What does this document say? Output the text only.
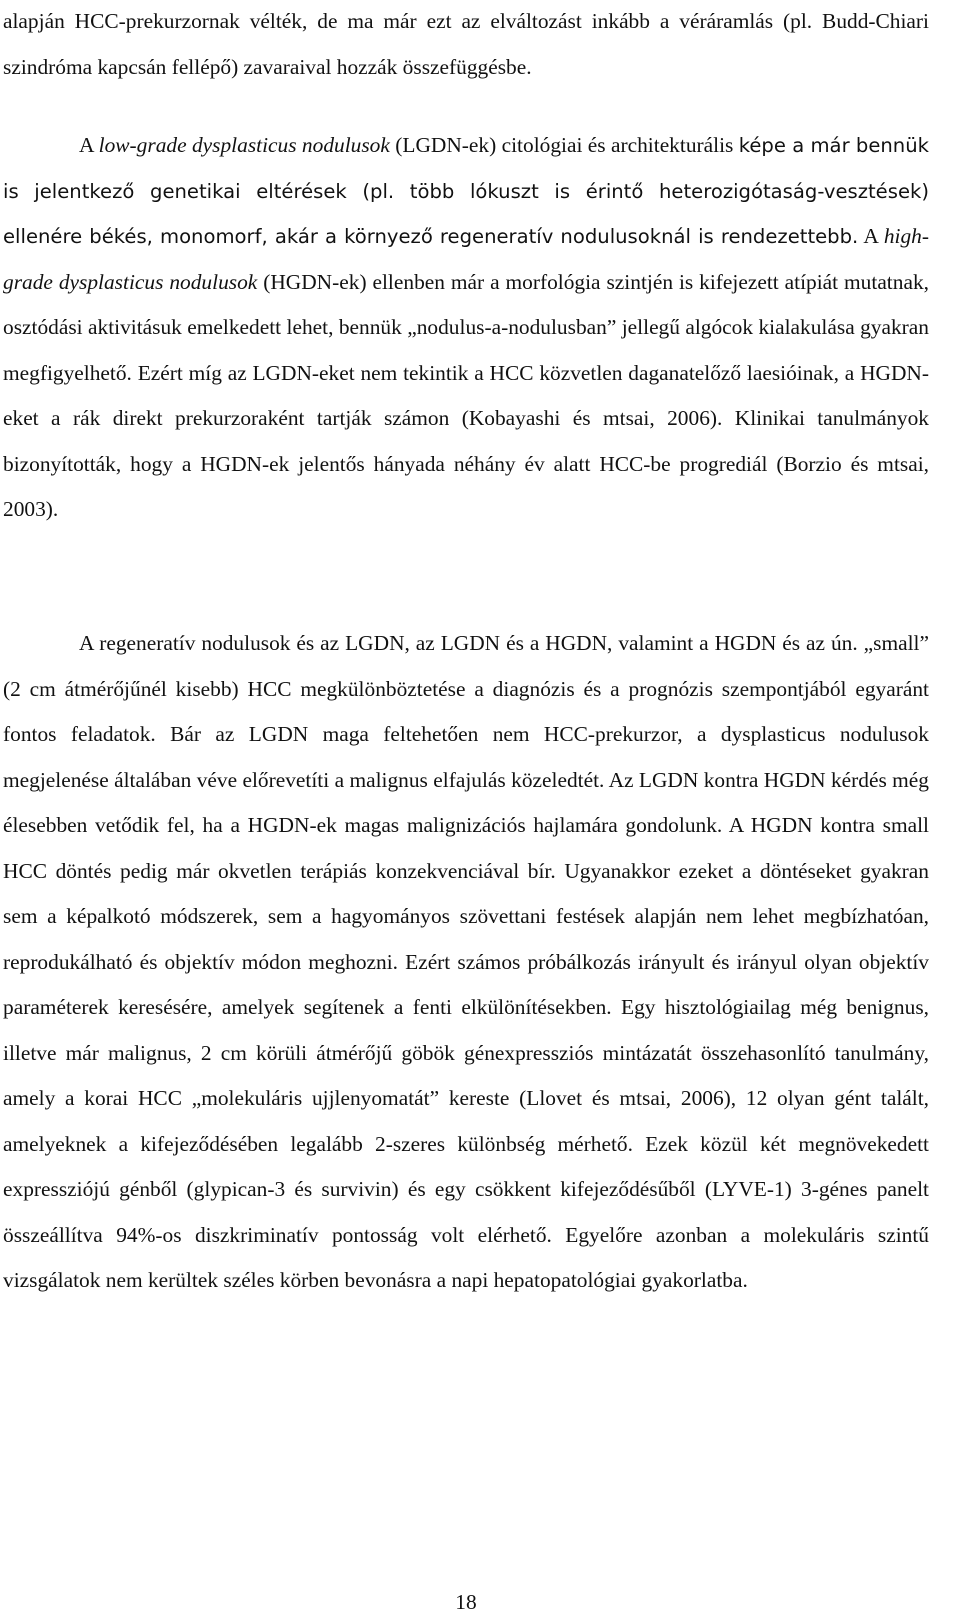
alapján HCC-prekurzornak vélték, de ma már ezt az elváltozást inkább a véráramlás (pl. Budd-Chiari szindróma kapcsán fellépő) zavaraival hozzák összefüggésbe.

A low-grade dysplasticus nodulusok (LGDN-ek) citológiai és architekturális képe a már bennük is jelentkező genetikai eltérések (pl. több lókuszt is érintő heterozigótaság-vesztések) ellenére békés, monomorf, akár a környező regeneratív nodulusoknál is rendezettebb. A high-grade dysplasticus nodulusok (HGDN-ek) ellenben már a morfológia szintjén is kifejezett atípiát mutatnak, osztódási aktivitásuk emelkedett lehet, bennük „nodulus-a-nodulusban” jellegű algócok kialakulása gyakran megfigyelhető. Ezért míg az LGDN-eket nem tekintik a HCC közvetlen daganatelőző laesióinak, a HGDN-eket a rák direkt prekurzoraként tartják számon (Kobayashi és mtsai, 2006). Klinikai tanulmányok bizonyították, hogy a HGDN-ek jelentős hányada néhány év alatt HCC-be progrediál (Borzio és mtsai, 2003).

A regeneratív nodulusok és az LGDN, az LGDN és a HGDN, valamint a HGDN és az ún. „small” (2 cm átmérőjűnél kisebb) HCC megkülönböztetése a diagnózis és a prognózis szempontjából egyaránt fontos feladatok. Bár az LGDN maga feltehetően nem HCC-prekurzor, a dysplasticus nodulusok megjelenése általában véve előrevetíti a malignus elfajulás közeledtét. Az LGDN kontra HGDN kérdés még élesebben vetődik fel, ha a HGDN-ek magas malignizációs hajlamára gondolunk. A HGDN kontra small HCC döntés pedig már okvetlen terápiás konzekvenciával bír. Ugyanakkor ezeket a döntéseket gyakran sem a képalkotó módszerek, sem a hagyományos szövettani festések alapján nem lehet megbízhatóan, reprodukálható és objektív módon meghozni. Ezért számos próbálkozás irányult és irányul olyan objektív paraméterek keresésére, amelyek segítenek a fenti elkülönítésekben. Egy hisztológiailag még benignus, illetve már malignus, 2 cm körüli átmérőjű göbök génexpressziós mintázatát összehasonlító tanulmány, amely a korai HCC „molekuláris ujjlenyomatát” kereste (Llovet és mtsai, 2006), 12 olyan gént talált, amelyeknek a kifejeződésében legalább 2-szeres különbség mérhető. Ezek közül két megnövekedett expressziójú génből (glypican-3 és survivin) és egy csökkent kifejeződésűből (LYVE-1) 3-génes panelt összeállítva 94%-os diszkriminatív pontosság volt elérhető. Egyelőre azonban a molekuláris szintű vizsgálatok nem kerültek széles körben bevonásra a napi hepatopatológiai gyakorlatba.

18
